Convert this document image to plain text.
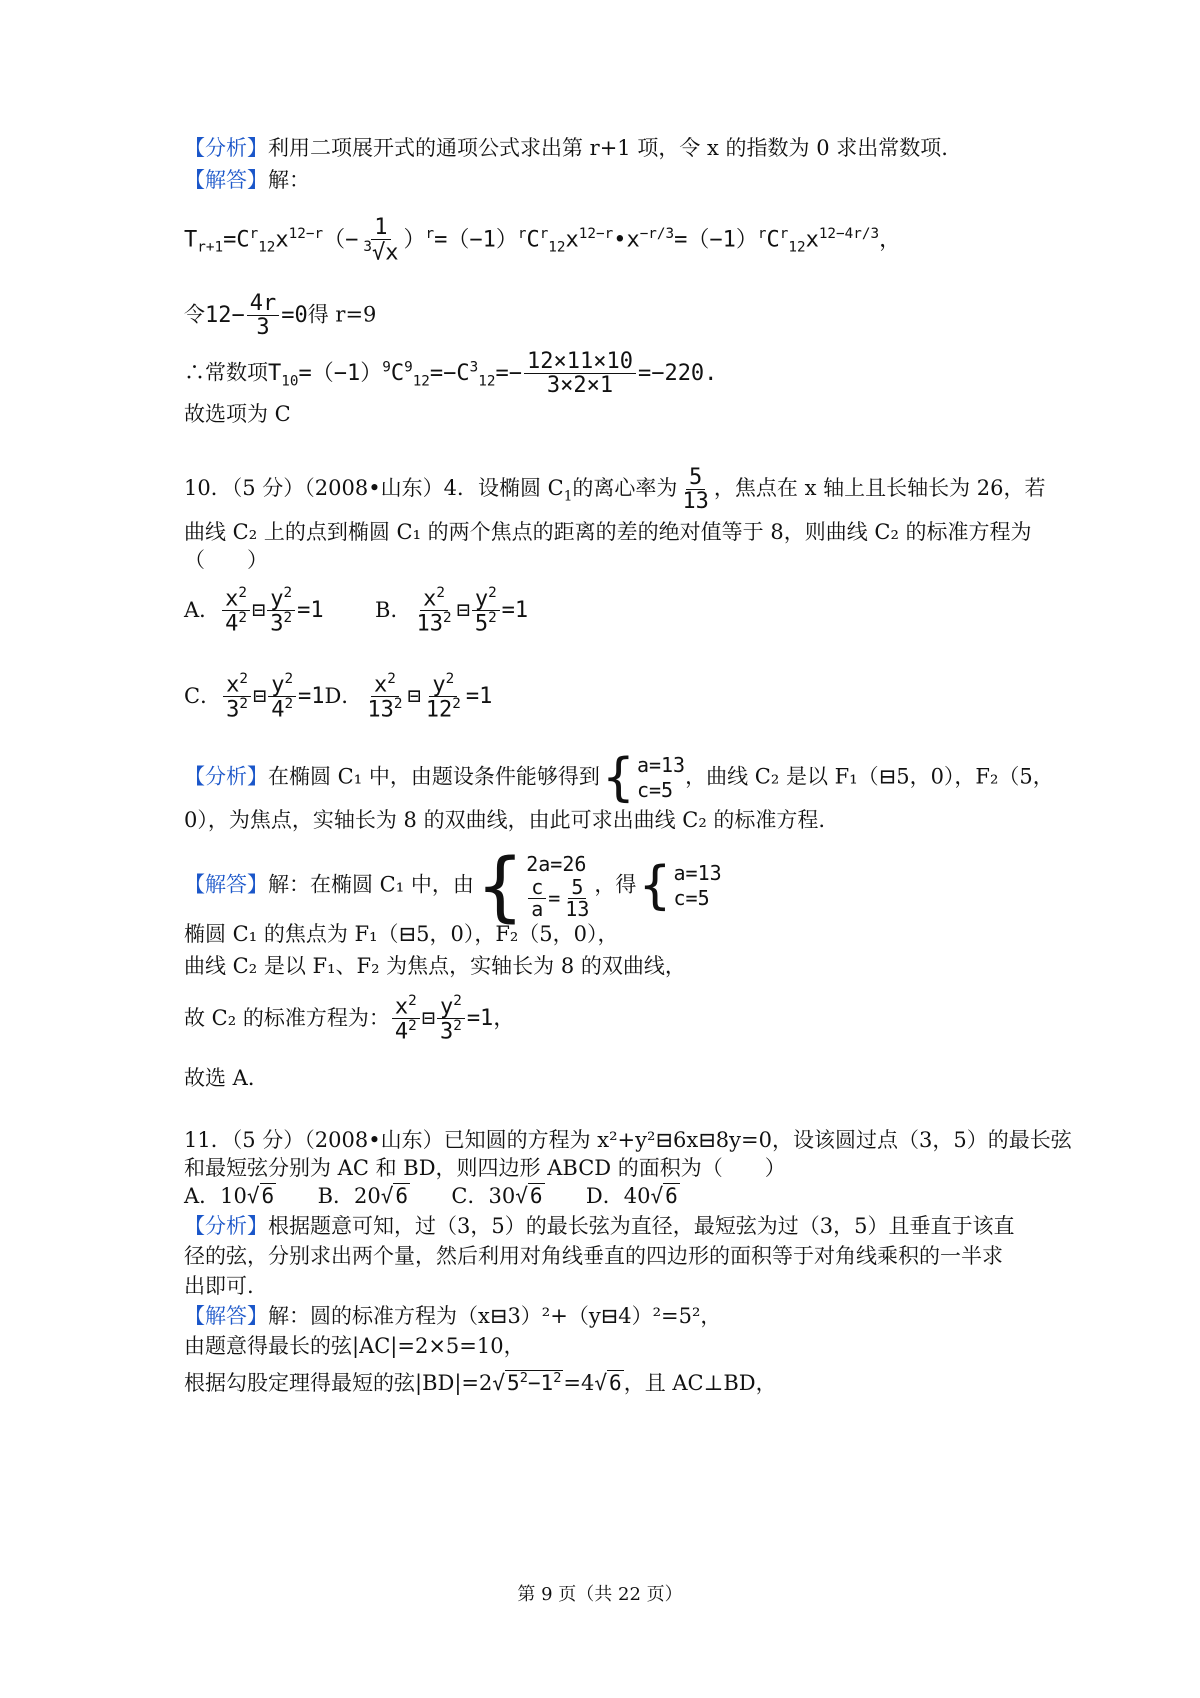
【分析】利用二项展开式的通项公式求出第 r+1 项，令 x 的指数为 0 求出常数项.
【解答】解：
$T_{r+1}=C^r_{12}x^{12-r}(- \frac{1}{^3√x}$ ）$^r=(-1)^rC^r_{12}x^{12-r}•x^{-r/3}=(-1)^rC^r_{12}x^{12-4r/3}$，
令$12- \frac{4r}{3} =0$得 r=9
∴常数项$T_{10}=(-1)^9C^9_{12}=-C^3_{12}=- \frac{12\times 11\times 10}{3\times 2\times 1} =-220$.
故选项为 C
10．（5 分）（2008•山东）4．设椭圆 $C_1$的离心率为 $\frac{5}{13}$ ，焦点在 x 轴上且长轴长为 26，若
曲线 C₂ 上的点到椭圆 C₁ 的两个焦点的距离的差的绝对值等于 8，则曲线 C₂ 的标准方程为
（　　）
A． $\frac{x^2}{4^2}$ ⊟ $\frac{y^2}{3^2} =1$ B． $\frac{x^2}{13^2}$ ⊟ $\frac{y^2}{5^2} =1$
C． $\frac{x^2}{3^2}$ ⊟ $\frac{y^2}{4^2} =1D$． $\frac{x^2}{13^2}$ ⊟ $\frac{y^2}{12^2} =1$
【分析】在椭圆 C₁ 中，由题设条件能够得到 { a=13
c=5
，曲线 C₂ 是以 F₁（⊟5，0），F₂（5，
0），为焦点，实轴长为 8 的双曲线，由此可求出曲线 C₂ 的标准方程.
【解答】解：在椭圆 C₁ 中，由 { 2a=26
$\frac{c}{a} = \frac{5}{13}$ ，得 { a=13
c=5
椭圆 C₁ 的焦点为 F₁（⊟5，0），F₂（5，0），
曲线 C₂ 是以 F₁、F₂ 为焦点，实轴长为 8 的双曲线，
故 C₂ 的标准方程为： $\frac{x^2}{4^2}$ ⊟ $\frac{y^2}{3^2} =1$，
故选 A．
11．（5 分）（2008•山东）已知圆的方程为 x²+y²⊟6x⊟8y=0，设该圆过点（3，5）的最长弦
和最短弦分别为 AC 和 BD，则四边形 ABCD 的面积为（　　）
A．10√6 B．20√6 C．30√6 D．40√6
【分析】根据题意可知，过（3，5）的最长弦为直径，最短弦为过（3，5）且垂直于该直
径的弦，分别求出两个量，然后利用对角线垂直的四边形的面积等于对角线乘积的一半求
出即可.
【解答】解：圆的标准方程为（x⊟3）²+（y⊟4）²=5²，
由题意得最长的弦|AC|=2×5=10，
根据勾股定理得最短的弦$|BD|=2√5^2-1^2=4√6$，且 AC⊥BD，
第 9 页（共 22 页）
